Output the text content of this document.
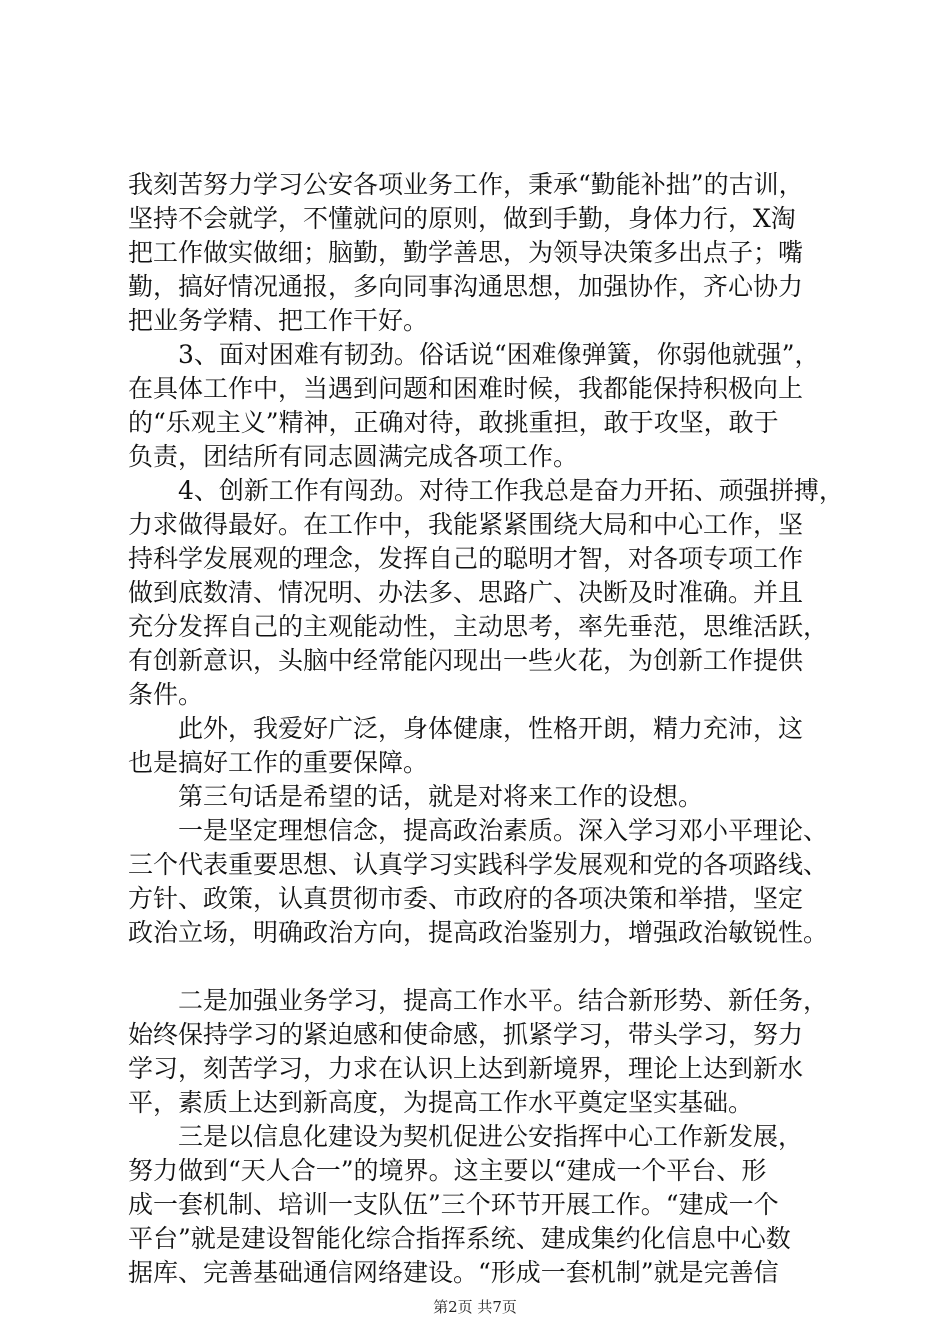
我刻苦努力学习公安各项业务工作，秉承“勤能补拙”的古训，
坚持不会就学，不懂就问的原则，做到手勤，身体力行，X淘
把工作做实做细；脑勤，勤学善思，为领导决策多出点子；嘴
勤，搞好情况通报，多向同事沟通思想，加强协作，齐心协力
把业务学精、把工作干好。
3、面对困难有韧劲。俗话说“困难像弹簧，你弱他就强”，
在具体工作中，当遇到问题和困难时候，我都能保持积极向上
的“乐观主义”精神，正确对待，敢挑重担，敢于攻坚，敢于
负责，团结所有同志圆满完成各项工作。
4、创新工作有闯劲。对待工作我总是奋力开拓、顽强拼搏，
力求做得最好。在工作中，我能紧紧围绕大局和中心工作，坚
持科学发展观的理念，发挥自己的聪明才智，对各项专项工作
做到底数清、情况明、办法多、思路广、决断及时准确。并且
充分发挥自己的主观能动性，主动思考，率先垂范，思维活跃，
有创新意识，头脑中经常能闪现出一些火花，为创新工作提供
条件。
此外，我爱好广泛，身体健康，性格开朗，精力充沛，这
也是搞好工作的重要保障。
第三句话是希望的话，就是对将来工作的设想。
一是坚定理想信念，提高政治素质。深入学习邓小平理论、
三个代表重要思想、认真学习实践科学发展观和党的各项路线、
方针、政策，认真贯彻市委、市政府的各项决策和举措，坚定
政治立场，明确政治方向，提高政治鉴别力，增强政治敏锐性。
二是加强业务学习，提高工作水平。结合新形势、新任务，
始终保持学习的紧迫感和使命感，抓紧学习，带头学习，努力
学习，刻苦学习，力求在认识上达到新境界，理论上达到新水
平，素质上达到新高度，为提高工作水平奠定坚实基础。
三是以信息化建设为契机促进公安指挥中心工作新发展，
努力做到“天人合一”的境界。这主要以“建成一个平台、形
成一套机制、培训一支队伍”三个环节开展工作。“建成一个
平台”就是建设智能化综合指挥系统、建成集约化信息中心数
据库、完善基础通信网络建设。“形成一套机制”就是完善信
第2页 共7页
